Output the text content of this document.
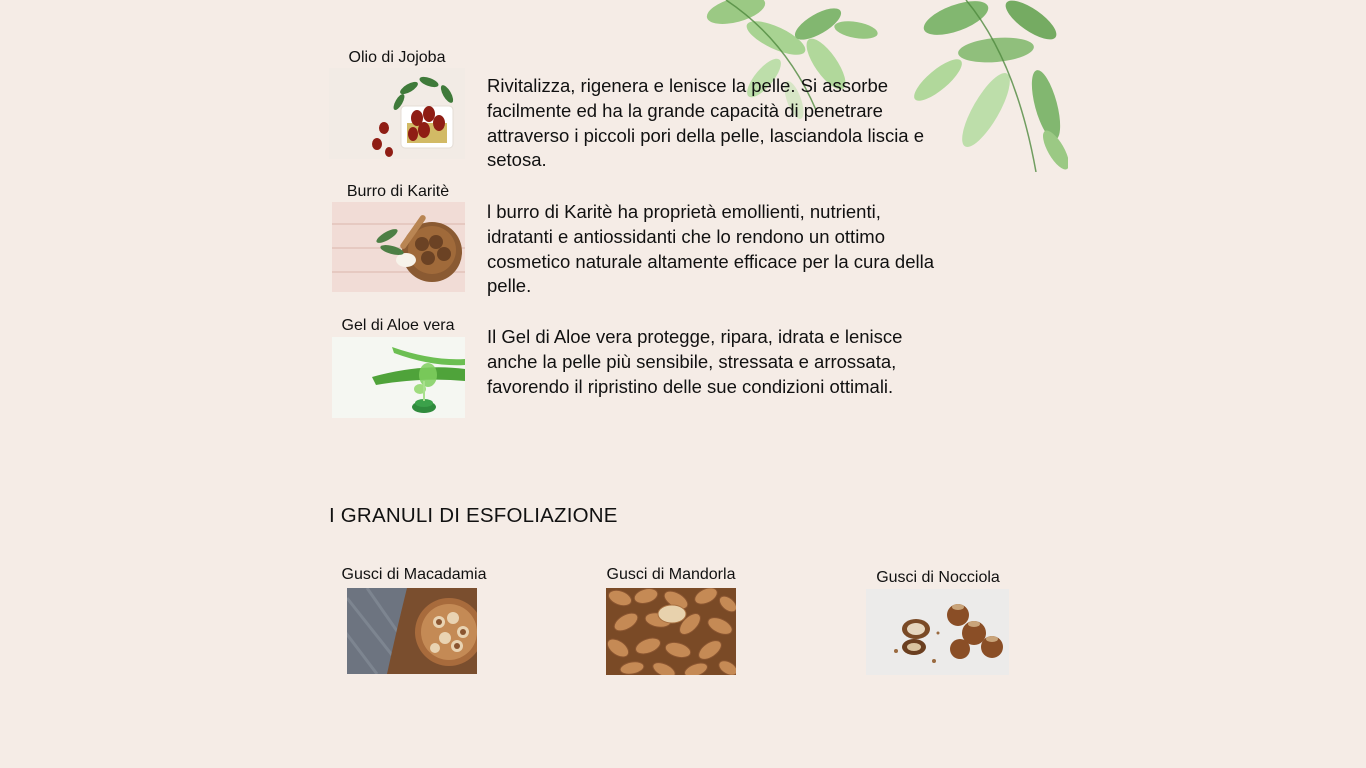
Olio di Jojoba

Rivitalizza, rigenera e lenisce la pelle. Si assorbe facilmente ed ha la grande capacità di penetrare attraverso i piccoli pori della pelle, lasciandola liscia e setosa.

Burro di Karitè

l burro di Karitè ha proprietà emollienti, nutrienti, idratanti e antiossidanti che lo rendono un ottimo cosmetico naturale altamente efficace per la cura della pelle.

Gel di Aloe vera

Il Gel di Aloe vera protegge, ripara, idrata e lenisce anche la pelle più sensibile, stressata e arrossata, favorendo il ripristino delle sue condizioni ottimali.

I GRANULI DI ESFOLIAZIONE
Gusci di Macadamia	Gusci di Mandorla	Gusci di Nocciola
